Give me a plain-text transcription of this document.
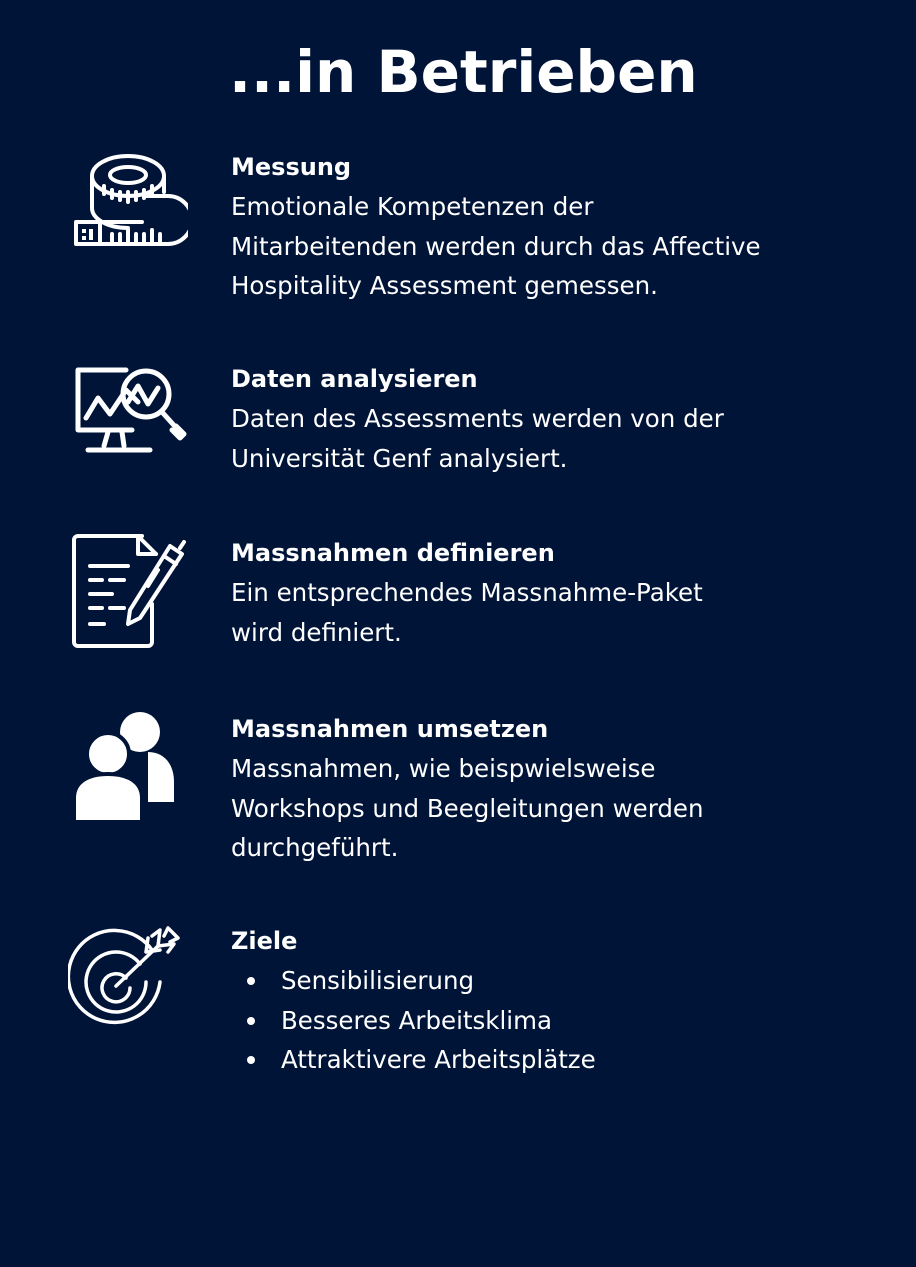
...in Betrieben

Messung

Emotionale Kompetenzen der
Mitarbeitenden werden durch das Affective
Hospitality Assessment gemessen.

Daten analysieren

Daten des Assessments werden von der
Universität Genf analysiert.

Massnahmen definieren

Ein entsprechendes Massnahme-Paket
wird definiert.

Massnahmen umsetzen

Massnahmen, wie beispwielsweise
Workshops und Beegleitungen werden
durchgeführt.

Ziele

Sensibilisierung
Besseres Arbeitsklima
Attraktivere Arbeitsplätze
